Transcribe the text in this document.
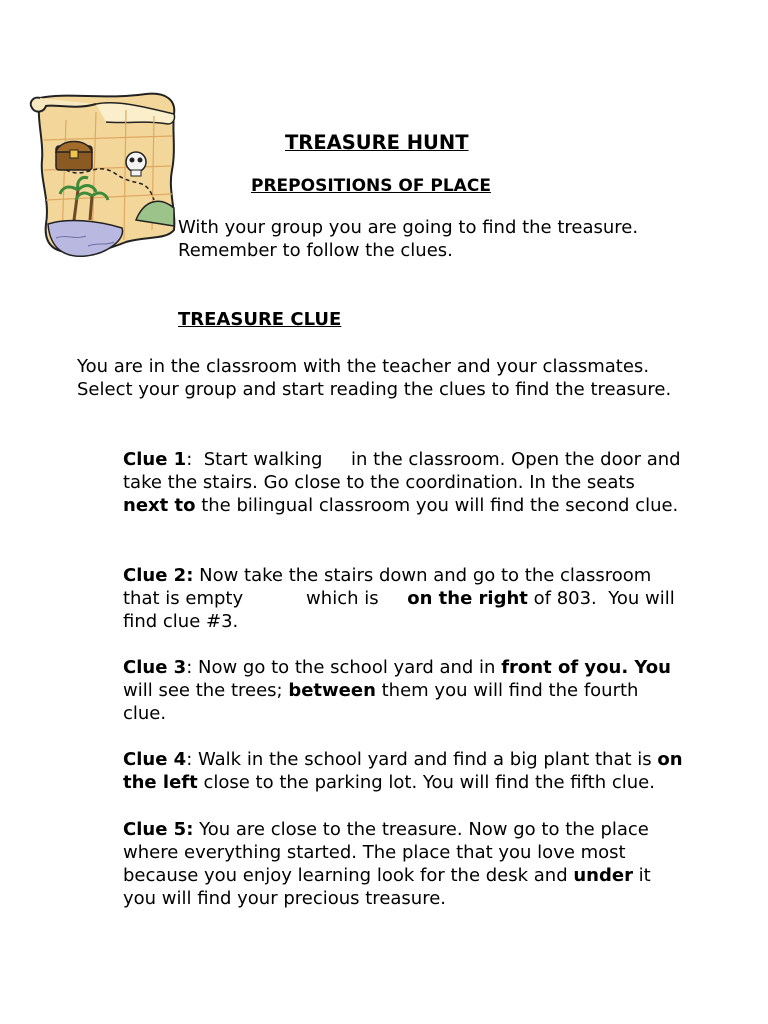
TREASURE HUNT
PREPOSITIONS OF PLACE
With your group you are going to find the treasure.
Remember to follow the clues.
TREASURE CLUE
You are in the classroom with the teacher and your classmates.
Select your group and start reading the clues to find the treasure.
Clue 1:  Start walking     in the classroom. Open the door and
take the stairs. Go close to the coordination. In the seats
next to the bilingual classroom you will find the second clue.
Clue 2: Now take the stairs down and go to the classroom
that is empty           which is     on the right of 803.  You will
find clue #3.
Clue 3: Now go to the school yard and in front of you. You
will see the trees; between them you will find the fourth
clue.
Clue 4: Walk in the school yard and find a big plant that is on
the left close to the parking lot. You will find the fifth clue.
Clue 5: You are close to the treasure. Now go to the place
where everything started. The place that you love most
because you enjoy learning look for the desk and under it
you will find your precious treasure.
